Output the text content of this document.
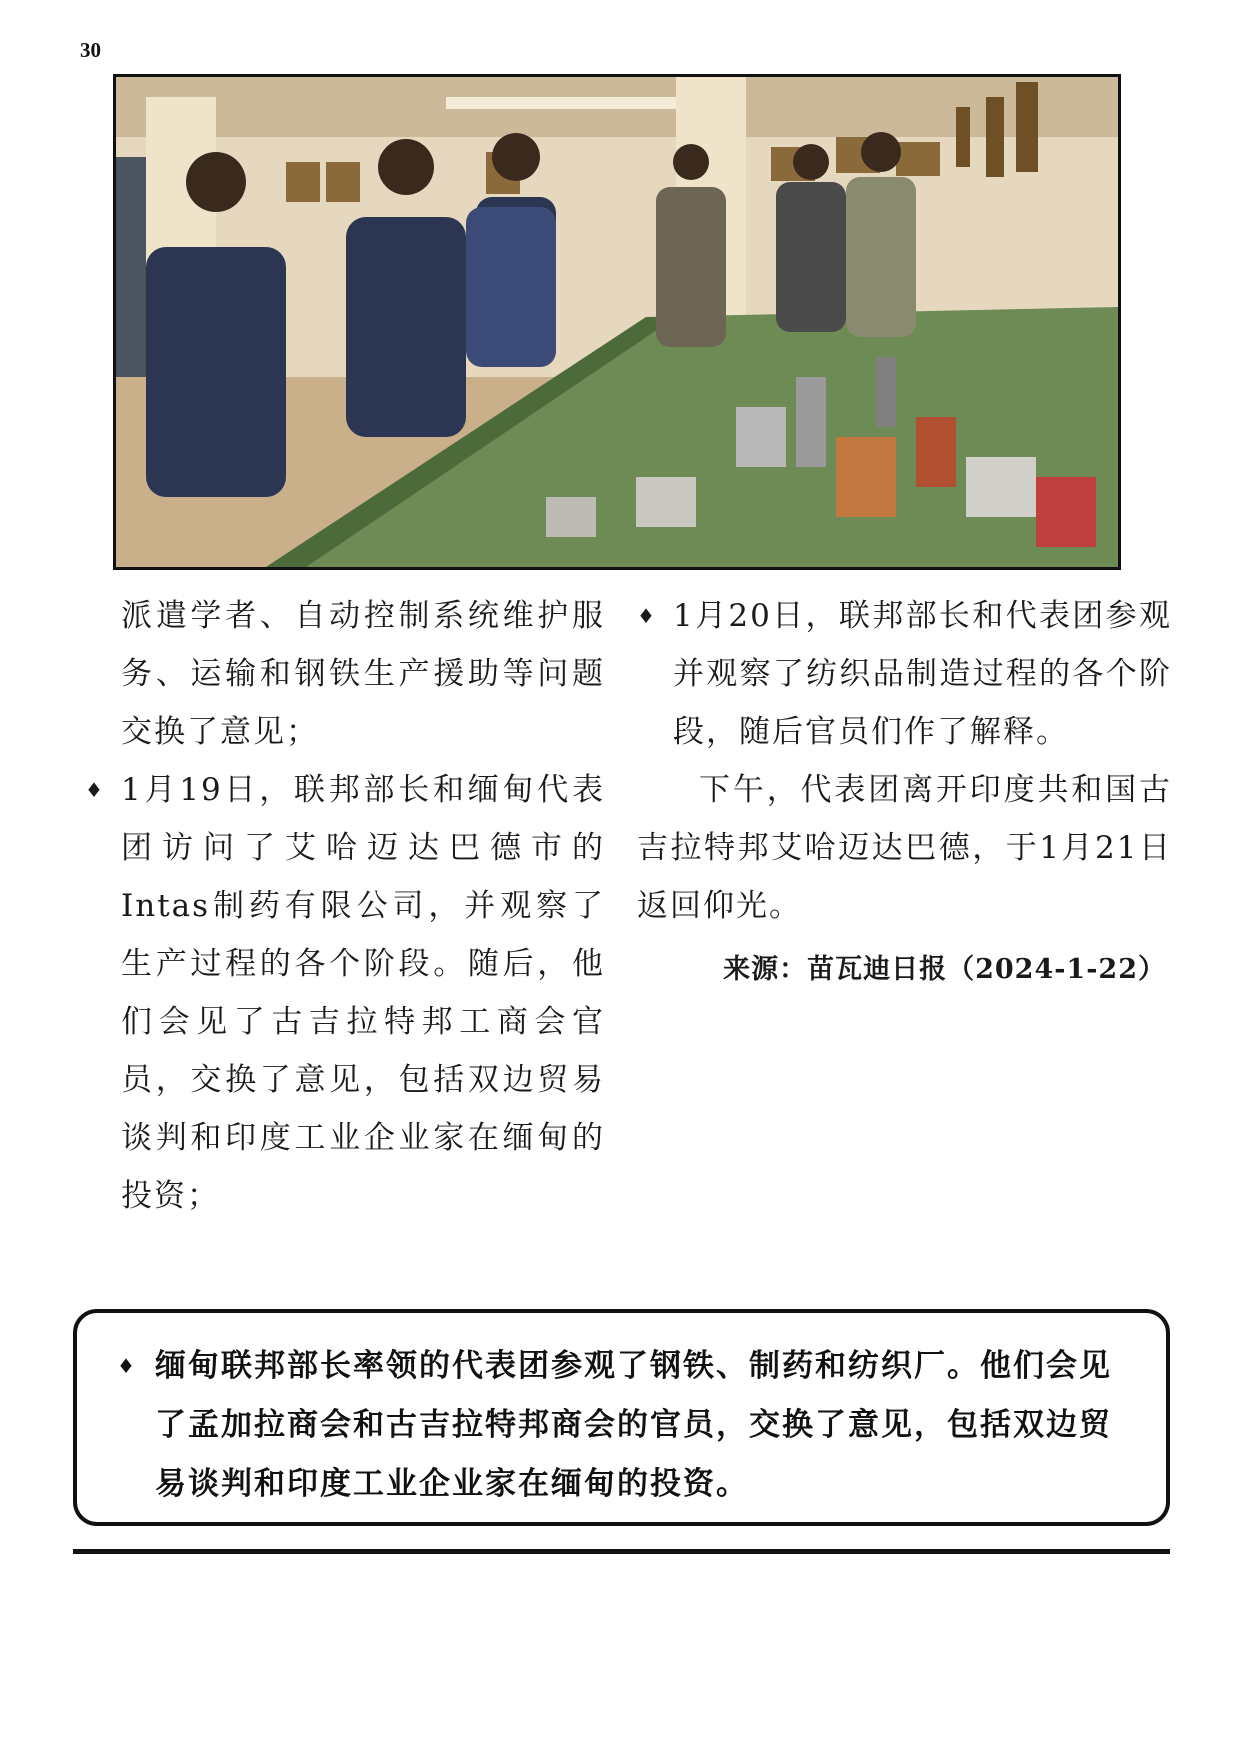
30

派遣学者、自动控制系统维护服务、运输和钢铁生产援助等问题交换了意见；

♦ 1月19日，联邦部长和缅甸代表团访问了艾哈迈达巴德市的Intas制药有限公司，并观察了生产过程的各个阶段。随后，他们会见了古吉拉特邦工商会官员，交换了意见，包括双边贸易谈判和印度工业企业家在缅甸的投资；

♦ 1月20日，联邦部长和代表团参观并观察了纺织品制造过程的各个阶段，随后官员们作了解释。

下午，代表团离开印度共和国古吉拉特邦艾哈迈达巴德，于1月21日返回仰光。

来源：苗瓦迪日报（2024-1-22）

♦ 缅甸联邦部长率领的代表团参观了钢铁、制药和纺织厂。他们会见了孟加拉商会和古吉拉特邦商会的官员，交换了意见，包括双边贸易谈判和印度工业企业家在缅甸的投资。
